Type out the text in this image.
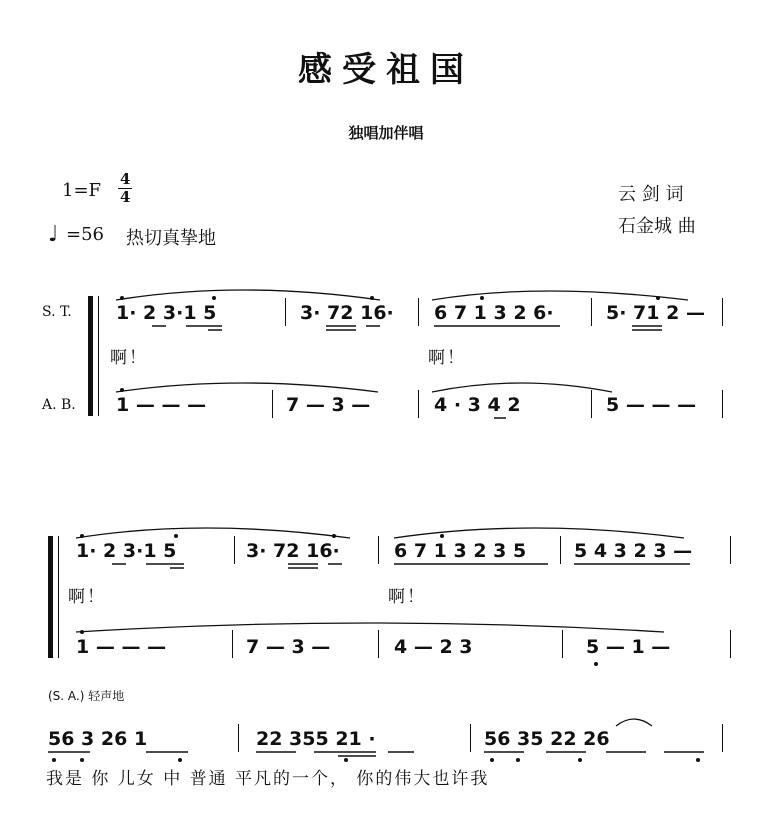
感受祖国
独唱加伴唱
1=F
4
4
♩ =56 热切真挚地
云 剑 词
石金城 曲
S. T.
A. B.
1· 2 3·1 5	3· 72 16· 6 7 1 3 2 6·	5· 71 2 —
啊！	啊！
1 — — —	7 — 3 —	4 · 3 4 2	5 — — —
1· 2 3·1 5	3· 72 16·	6 7 1 3 2 3 5	5 4 3 2 3 —
啊！	啊！
1 — — —	7 — 3 —	4 — 2 3	5 — 1 —
(S. A.) 轻声地
56 3 26 1	22 355 21 ·	56 35 22 26
我是 你 儿女 中 普通 平凡的一个， 你的伟大也许我
